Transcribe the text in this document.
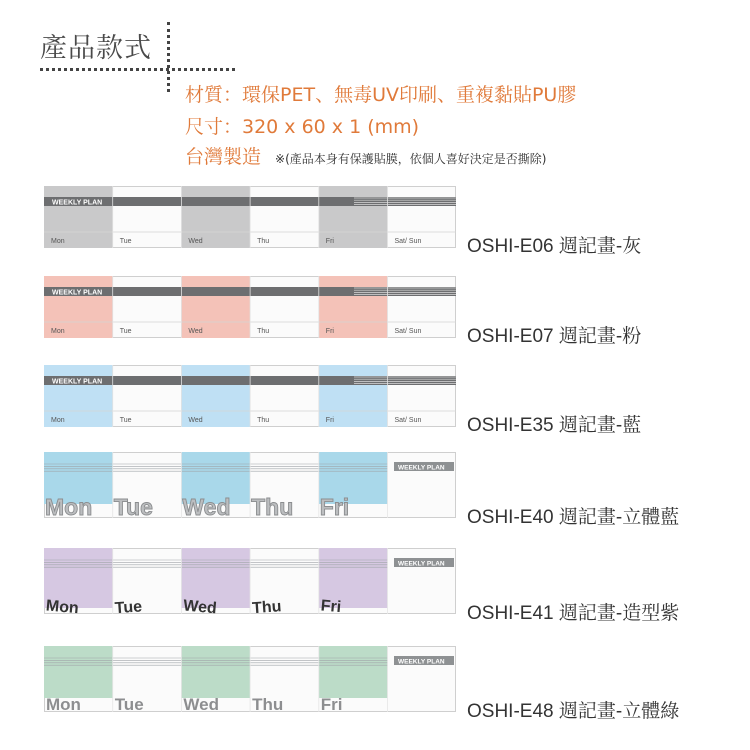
產品款式
材質：環保PET、無毒UV印刷、重複黏貼PU膠
尺寸：320 x 60 x 1 (mm)
台灣製造 ※(產品本身有保護貼膜，依個人喜好決定是否撕除)
WEEKLY PLAN
Mon	Tue	Wed	Thu	Fri	Sat/ Sun OSHI-E06 週記畫-灰
WEEKLY PLAN
Mon	Tue	Wed	Thu	Fri	Sat/ Sun OSHI-E07 週記畫-粉
WEEKLY PLAN
Mon	Tue	Wed	Thu	Fri	Sat/ Sun OSHI-E35 週記畫-藍
WEEKLY PLAN
Mon Tue Wed Thu Fri	OSHI-E40 週記畫-立體藍
WEEKLY PLAN
Mon Tue Wed Thu Fri	OSHI-E41 週記畫-造型紫
WEEKLY PLAN
Mon Tue Wed Thu Fri	OSHI-E48 週記畫-立體綠
